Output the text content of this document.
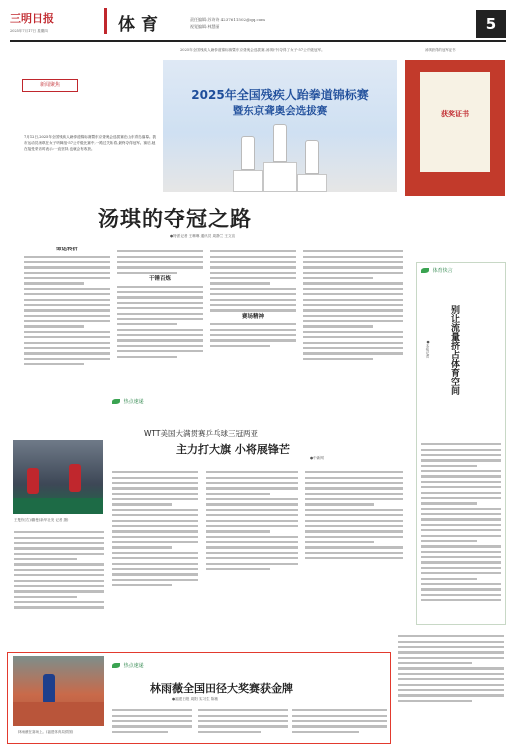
三明日报
2025年7月17日 星期四	体育	责任编辑:苏诗诗 4237611502@qq.com
视觉编辑:林慧丽	5
2025年全国残疾人跆拳道锦标赛暨东京聋奥会选拔赛,汤琪(中)夺得了女子-57公斤级冠军。	汤琪获得的冠军证书
新闻聚焦
7月12日,2025年全国残疾人跆拳道锦标赛暨东京聋奥会选拔赛在山东青岛落幕。我市运动员汤琪在女子听障组-57公斤级比赛中,一路过关斩将,最终夺得冠军。赛后,她在接受采访时表示:一直坚持,也就会有收获。
2025年全国残疾人跆拳道锦标赛
暨东京聋奥会选拔赛	获奖证书
汤琪的夺冠之路
●特派记者 王琳琳 通讯员 周静兰 王文宣
命运转折
干锤百炼
赛场精神
体育快言
别让流量挤占体育空间
●本报记者
热点速递
WTT美国大满贯赛乒乓球三冠两亚
主力打大旗 小将展锋芒
●中新网
王楚钦(右)/蒯曼(新华社发 记者 摄)
林雨薇在赛场上。(福建体育局供图)
热点速递
林雨薇全国田径大奖赛获金牌
●福建日报 周阳 实习生 陈敏
